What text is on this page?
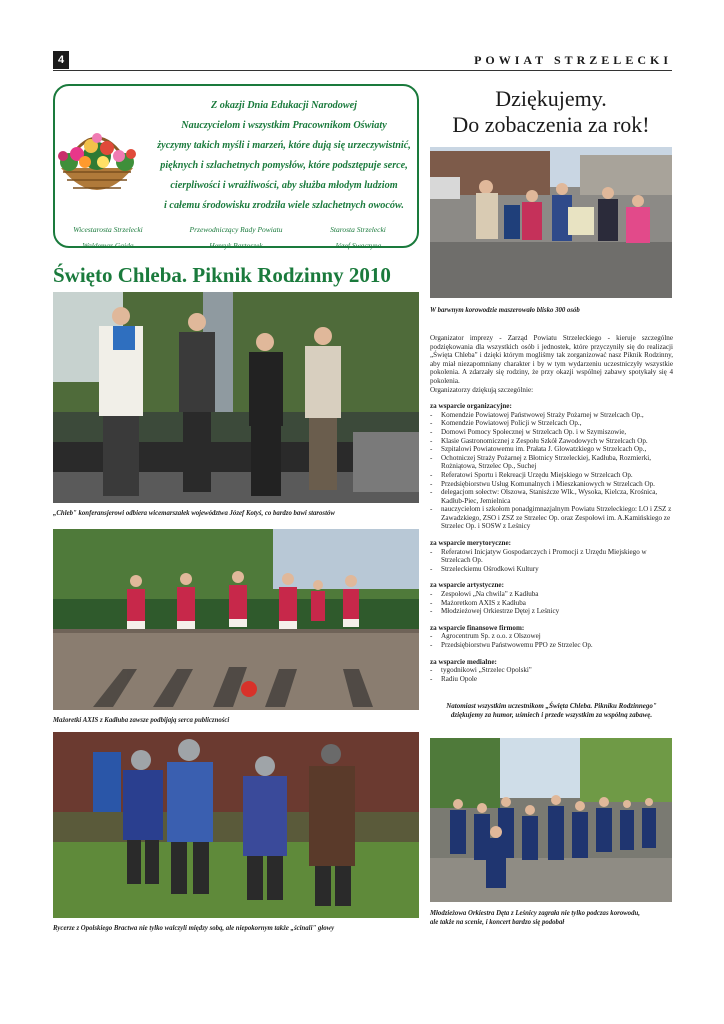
4	POWIAT STRZELECKI
Z okazji Dnia Edukacji Narodowej
Nauczycielom i wszystkim Pracownikom Oświaty
życzymy takich myśli i marzeń, które dują się urzeczywistnić,
pięknych i szlachetnych pomysłów, które podsztępuje serce,
cierpliwości i wrażliwości, aby służba młodym ludziom
i całemu środowisku zrodziła wiele szlachetnych owoców.
Wicestarosta Strzelecki
Waldemar Gaida
Przewodniczący Rady Powiatu
Henryk Bartoszek
Starosta Strzelecki
Józef Swaczyna
Dziękujemy.
Do zobaczenia za rok!
W barwnym korowodzie maszerowało blisko 300 osób
Święto Chleba. Piknik Rodzinny 2010
„Chleb" konferansjerowi odbiera wicemarszałek województwa Józef Kotyś, co bardzo bawi starostów
Mażoretki AXIS z Kadłuba zawsze podbijają serca publiczności
Rycerze z Opolskiego Bractwa nie tylko walczyli między sobą, ale niepokornym także „ścinali" głowy

Organizator imprezy - Zarząd Powiatu Strzeleckiego - kieruje szczególne podziękowania dla wszystkich osób i jednostek, które przyczyniły się do realizacji „Święta Chleba" i dzięki którym mogliśmy tak zorganizować nasz Piknik Rodzinny, aby miał niezapomniany charakter i by w tym wydarzeniu uczestniczyły wszystkie pokolenia. A zdarzały się rodziny, że przy okazji wspólnej zabawy spotykały się 4 pokolenia.

Organizatorzy dziękują szczególnie:

za wsparcie organizacyjne:
- Komendzie Powiatowej Państwowej Straży Pożarnej w Strzelcach Op.,
- Komendzie Powiatowej Policji w Strzelcach Op.,
- Domowi Pomocy Społecznej w Strzelcach Op. i w Szymiszowie,
- Klasie Gastronomicznej z Zespołu Szkół Zawodowych w Strzelcach Op.
- Szpitalowi Powiatowemu im. Prałata J. Glowatzkiego w Strzelcach Op.,
- Ochotniczej Straży Pożarnej z Błotnicy Strzeleckiej, Kadłuba, Rozmierki, Rożniątowa, Strzelec Op., Suchej
- Referatowi Sportu i Rekreacji Urzędu Miejskiego w Strzelcach Op.
- Przedsiębiorstwu Usług Komunalnych i Mieszkaniowych w Strzelcach Op.
- delegacjom sołectw: Olszowa, Stanisżcze Wlk., Wysoka, Kielcza, Krośnica, Kadłub-Piec, Jemielnica
- nauczycielom i szkołom ponadgimnazjalnym Powiatu Strzeleckiego: LO i ZSZ z Zawadzkiego, ZSO i ZSZ ze Strzelec Op. oraz Zespołowi im. A.Kamińskiego ze Strzelec Op. i SOSW z Leśnicy
za wsparcie merytoryczne:
- Referatowi Inicjatyw Gospodarczych i Promocji z Urzędu Miejskiego w Strzelcach Op.
- Strzeleckiemu Ośrodkowi Kultury
za wsparcie artystyczne:
- Zespołowi „Na chwila" z Kadłuba
- Mażoretkom AXIS z Kadłuba
- Młodzieżowej Orkiestrze Dętej z Leśnicy
za wsparcie finansowe firmom:
- Agrocentrum Sp. z o.o. z Olszowej
- Przedsiębiorstwu Państwowemu PPO ze Strzelec Op.
za wsparcie medialne:
- tygodnikowi „Strzelec Opolski"
- Radiu Opole
Natomiast wszystkim uczestnikom „Święta Chleba. Pikniku Rodzinnego"
dziękujemy za humor, uśmiech i przede wszystkim za wspólną zabawę.
Młodzieżowa Orkiestra Dęta z Leśnicy zagrała nie tylko podczas korowodu,
ale także na scenie, i koncert bardzo się podobał
